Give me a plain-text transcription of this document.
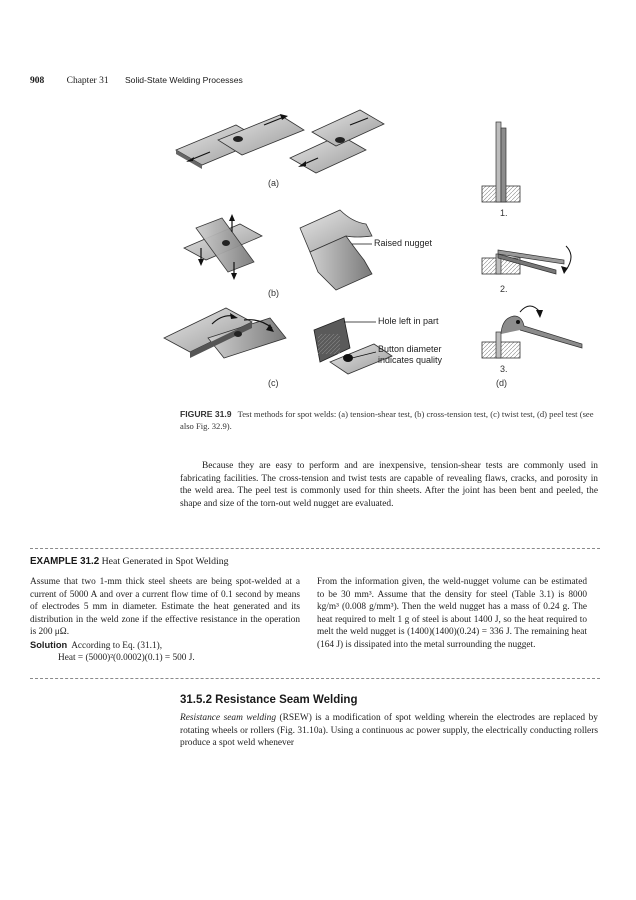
908 Chapter 31 Solid-State Welding Processes
(a)
(b)
(c)	(d)
1.
2.
3.
Raised nugget
Hole left in part
Button diameter
indicates quality
FIGURE 31.9 Test methods for spot welds: (a) tension-shear test, (b) cross-tension test, (c) twist test, (d) peel test (see also Fig. 32.9).
Because they are easy to perform and are inexpensive, tension-shear tests are commonly used in fabricating facilities. The cross-tension and twist tests are capable of revealing flaws, cracks, and porosity in the weld area. The peel test is commonly used for thin sheets. After the joint has been bent and peeled, the shape and size of the torn-out weld nugget are evaluated.
EXAMPLE 31.2 Heat Generated in Spot Welding

Assume that two 1-mm thick steel sheets are being spot-welded at a current of 5000 A and over a current flow time of 0.1 second by means of electrodes 5 mm in diameter. Estimate the heat generated and its distribution in the weld zone if the effective resistance in the operation is 200 μΩ.

Solution According to Eq. (31.1),

Heat = (5000)²(0.0002)(0.1) = 500 J.

From the information given, the weld-nugget volume can be estimated to be 30 mm³. Assume that the density for steel (Table 3.1) is 8000 kg/m³ (0.008 g/mm³). Then the weld nugget has a mass of 0.24 g. The heat required to melt 1 g of steel is about 1400 J, so the heat required to melt the weld nugget is (1400)(1400)(0.24) = 336 J. The remaining heat (164 J) is dissipated into the metal surrounding the nugget.

31.5.2 Resistance Seam Welding
Resistance seam welding (RSEW) is a modification of spot welding wherein the electrodes are replaced by rotating wheels or rollers (Fig. 31.10a). Using a continuous ac power supply, the electrically conducting rollers produce a spot weld whenever
